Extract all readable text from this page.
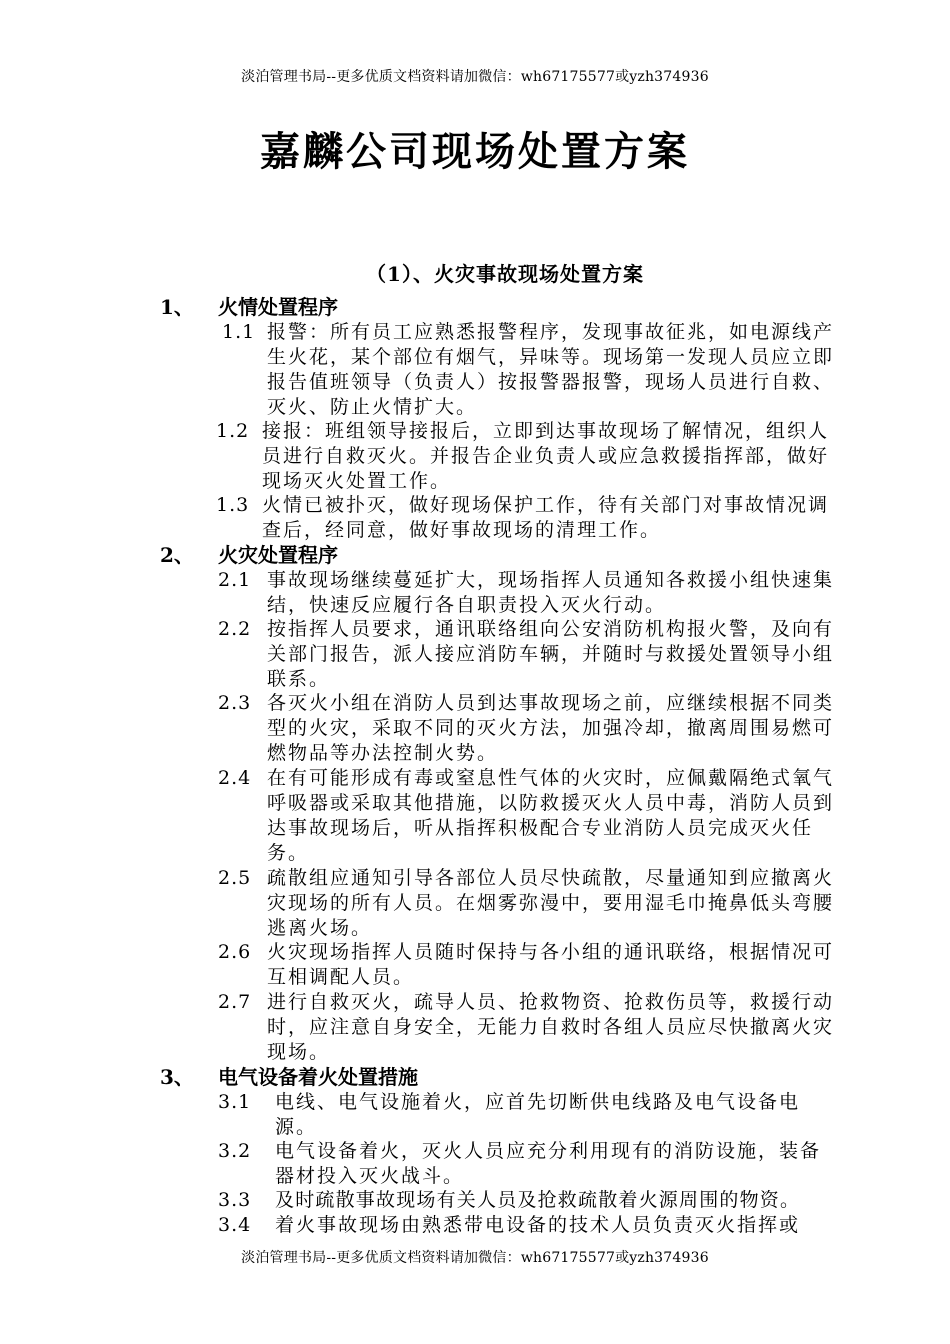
淡泊管理书局--更多优质文档资料请加微信：wh67175577或yzh374936
嘉麟公司现场处置方案
（1）、火灾事故现场处置方案
1、 火情处置程序
1.1 报警：所有员工应熟悉报警程序，发现事故征兆，如电源线产生火花，某个部位有烟气，异味等。现场第一发现人员应立即报告值班领导（负责人）按报警器报警，现场人员进行自救、灭火、防止火情扩大。
1.2 接报：班组领导接报后，立即到达事故现场了解情况，组织人员进行自救灭火。并报告企业负责人或应急救援指挥部，做好现场灭火处置工作。
1.3 火情已被扑灭，做好现场保护工作，待有关部门对事故情况调查后，经同意，做好事故现场的清理工作。
2、 火灾处置程序
2.1 事故现场继续蔓延扩大，现场指挥人员通知各救援小组快速集结，快速反应履行各自职责投入灭火行动。
2.2 按指挥人员要求，通讯联络组向公安消防机构报火警，及向有关部门报告，派人接应消防车辆，并随时与救援处置领导小组联系。
2.3 各灭火小组在消防人员到达事故现场之前，应继续根据不同类型的火灾，采取不同的灭火方法，加强冷却，撤离周围易燃可燃物品等办法控制火势。
2.4 在有可能形成有毒或窒息性气体的火灾时，应佩戴隔绝式氧气呼吸器或采取其他措施，以防救援灭火人员中毒，消防人员到达事故现场后，听从指挥积极配合专业消防人员完成灭火任务。
2.5 疏散组应通知引导各部位人员尽快疏散，尽量通知到应撤离火灾现场的所有人员。在烟雾弥漫中，要用湿毛巾掩鼻低头弯腰逃离火场。
2.6 火灾现场指挥人员随时保持与各小组的通讯联络，根据情况可互相调配人员。
2.7 进行自救灭火，疏导人员、抢救物资、抢救伤员等，救援行动时，应注意自身安全，无能力自救时各组人员应尽快撤离火灾现场。
3、 电气设备着火处置措施
3.1 电线、电气设施着火，应首先切断供电线路及电气设备电源。
3.2 电气设备着火，灭火人员应充分利用现有的消防设施，装备器材投入灭火战斗。
3.3 及时疏散事故现场有关人员及抢救疏散着火源周围的物资。
3.4 着火事故现场由熟悉带电设备的技术人员负责灭火指挥或
淡泊管理书局--更多优质文档资料请加微信：wh67175577或yzh374936
